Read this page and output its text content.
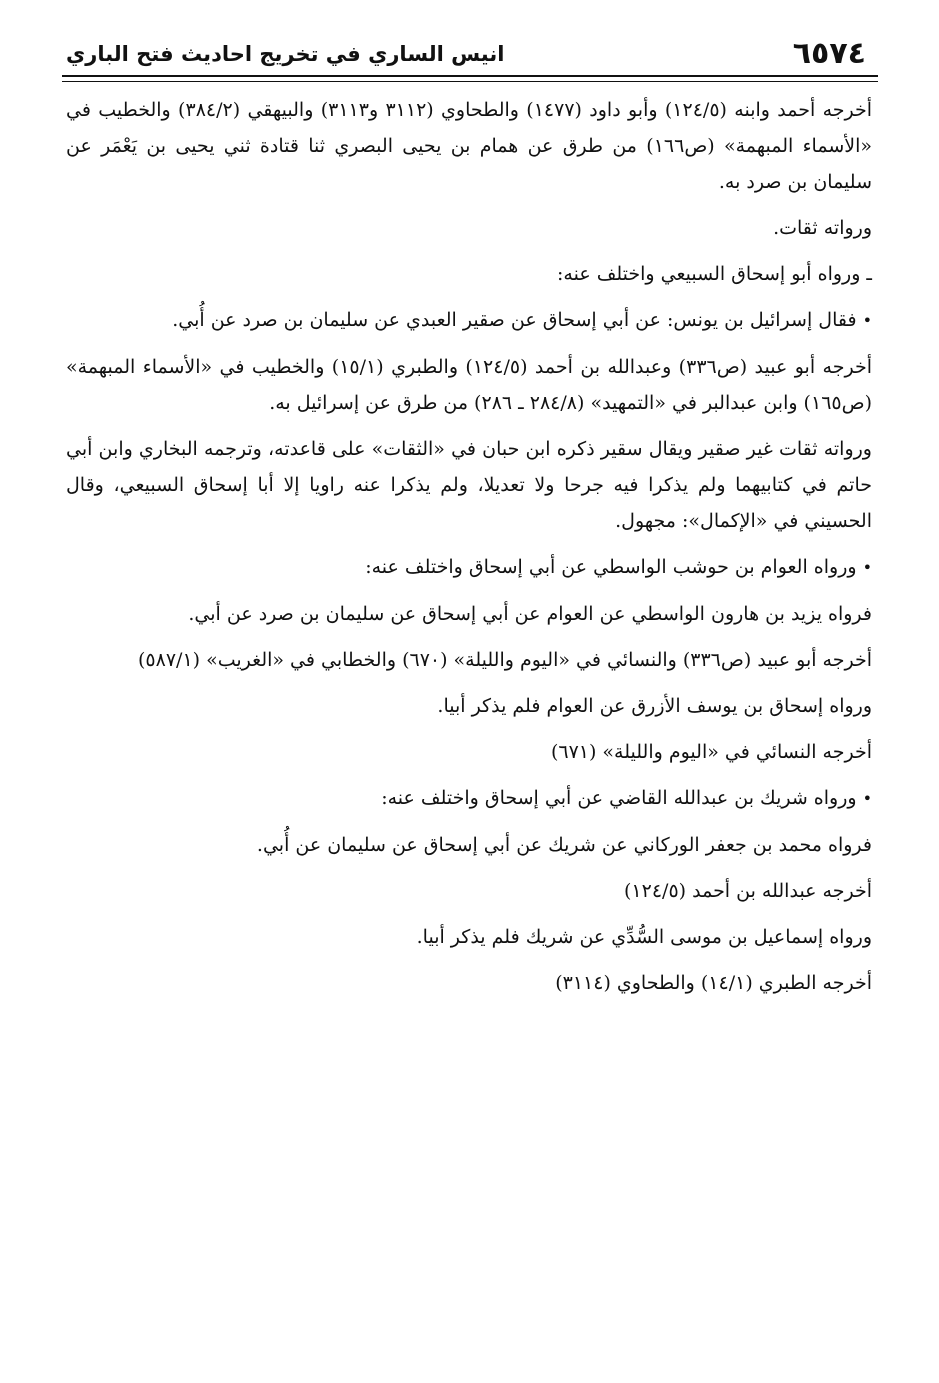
٦٥٧٤
انيس الساري في تخريج احاديث فتح الباري

أخرجه أحمد وابنه (١٢٤/٥) وأبو داود (١٤٧٧) والطحاوي (٣١١٢ و٣١١٣) والبيهقي (٣٨٤/٢) والخطيب في «الأسماء المبهمة» (ص١٦٦) من طرق عن همام بن يحيى البصري ثنا قتادة ثني يحيى بن يَعْمَر عن سليمان بن صرد به.

ورواته ثقات.

ـ ورواه أبو إسحاق السبيعي واختلف عنه:

•فقال إسرائيل بن يونس: عن أبي إسحاق عن صقير العبدي عن سليمان بن صرد عن أُبي.

أخرجه أبو عبيد (ص٣٣٦) وعبدالله بن أحمد (١٢٤/٥) والطبري (١٥/١) والخطيب في «الأسماء المبهمة» (ص١٦٥) وابن عبدالبر في «التمهيد» (٢٨٤/٨ ـ ٢٨٦) من طرق عن إسرائيل به.

ورواته ثقات غير صقير ويقال سقير ذكره ابن حبان في «الثقات» على قاعدته، وترجمه البخاري وابن أبي حاتم في كتابيهما ولم يذكرا فيه جرحا ولا تعديلا، ولم يذكرا عنه راويا إلا أبا إسحاق السبيعي، وقال الحسيني في «الإكمال»: مجهول.

•ورواه العوام بن حوشب الواسطي عن أبي إسحاق واختلف عنه:

فرواه يزيد بن هارون الواسطي عن العوام عن أبي إسحاق عن سليمان بن صرد عن أبي.

أخرجه أبو عبيد (ص٣٣٦) والنسائي في «اليوم والليلة» (٦٧٠) والخطابي في «الغريب» (٥٨٧/١)

ورواه إسحاق بن يوسف الأزرق عن العوام فلم يذكر أبيا.

أخرجه النسائي في «اليوم والليلة» (٦٧١)

•ورواه شريك بن عبدالله القاضي عن أبي إسحاق واختلف عنه:

فرواه محمد بن جعفر الوركاني عن شريك عن أبي إسحاق عن سليمان عن أُبي.

أخرجه عبدالله بن أحمد (١٢٤/٥)

ورواه إسماعيل بن موسى السُّدِّي عن شريك فلم يذكر أبيا.

أخرجه الطبري (١٤/١) والطحاوي (٣١١٤)
